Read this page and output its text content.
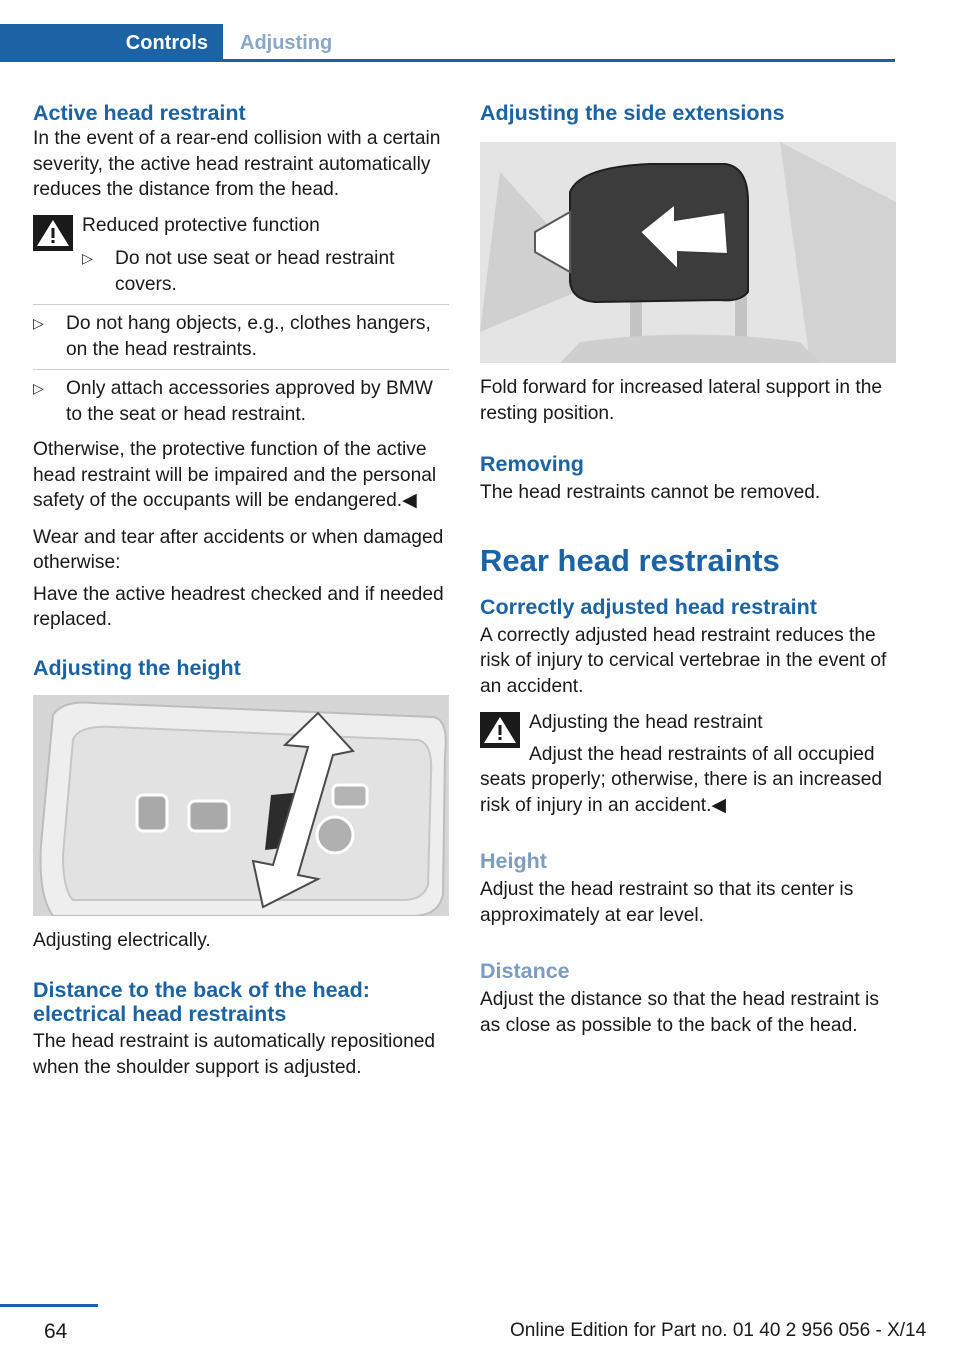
Controls Adjusting
Active head restraint

In the event of a rear-end collision with a certain severity, the active head restraint automatically reduces the distance from the head.

Reduced protective function

▷ Do not use seat or head restraint covers.
▷ Do not hang objects, e.g., clothes hangers, on the head restraints.
▷ Only attach accessories approved by BMW to the seat or head restraint.

Otherwise, the protective function of the active head restraint will be impaired and the personal safety of the occupants will be endangered.◀

Wear and tear after accidents or when damaged otherwise:

Have the active headrest checked and if needed replaced.

Adjusting the height

Adjusting electrically.

Distance to the back of the head: electrical head restraints

The head restraint is automatically repositioned when the shoulder support is adjusted.

Adjusting the side extensions

Fold forward for increased lateral support in the resting position.

Removing

The head restraints cannot be removed.

Rear head restraints
Correctly adjusted head restraint

A correctly adjusted head restraint reduces the risk of injury to cervical vertebrae in the event of an accident.

Adjusting the head restraint

Adjust the head restraints of all occupied seats properly; otherwise, there is an increased risk of injury in an accident.◀

Height

Adjust the head restraint so that its center is approximately at ear level.

Distance

Adjust the distance so that the head restraint is as close as possible to the back of the head.

64	Online Edition for Part no. 01 40 2 956 056 - X/14
